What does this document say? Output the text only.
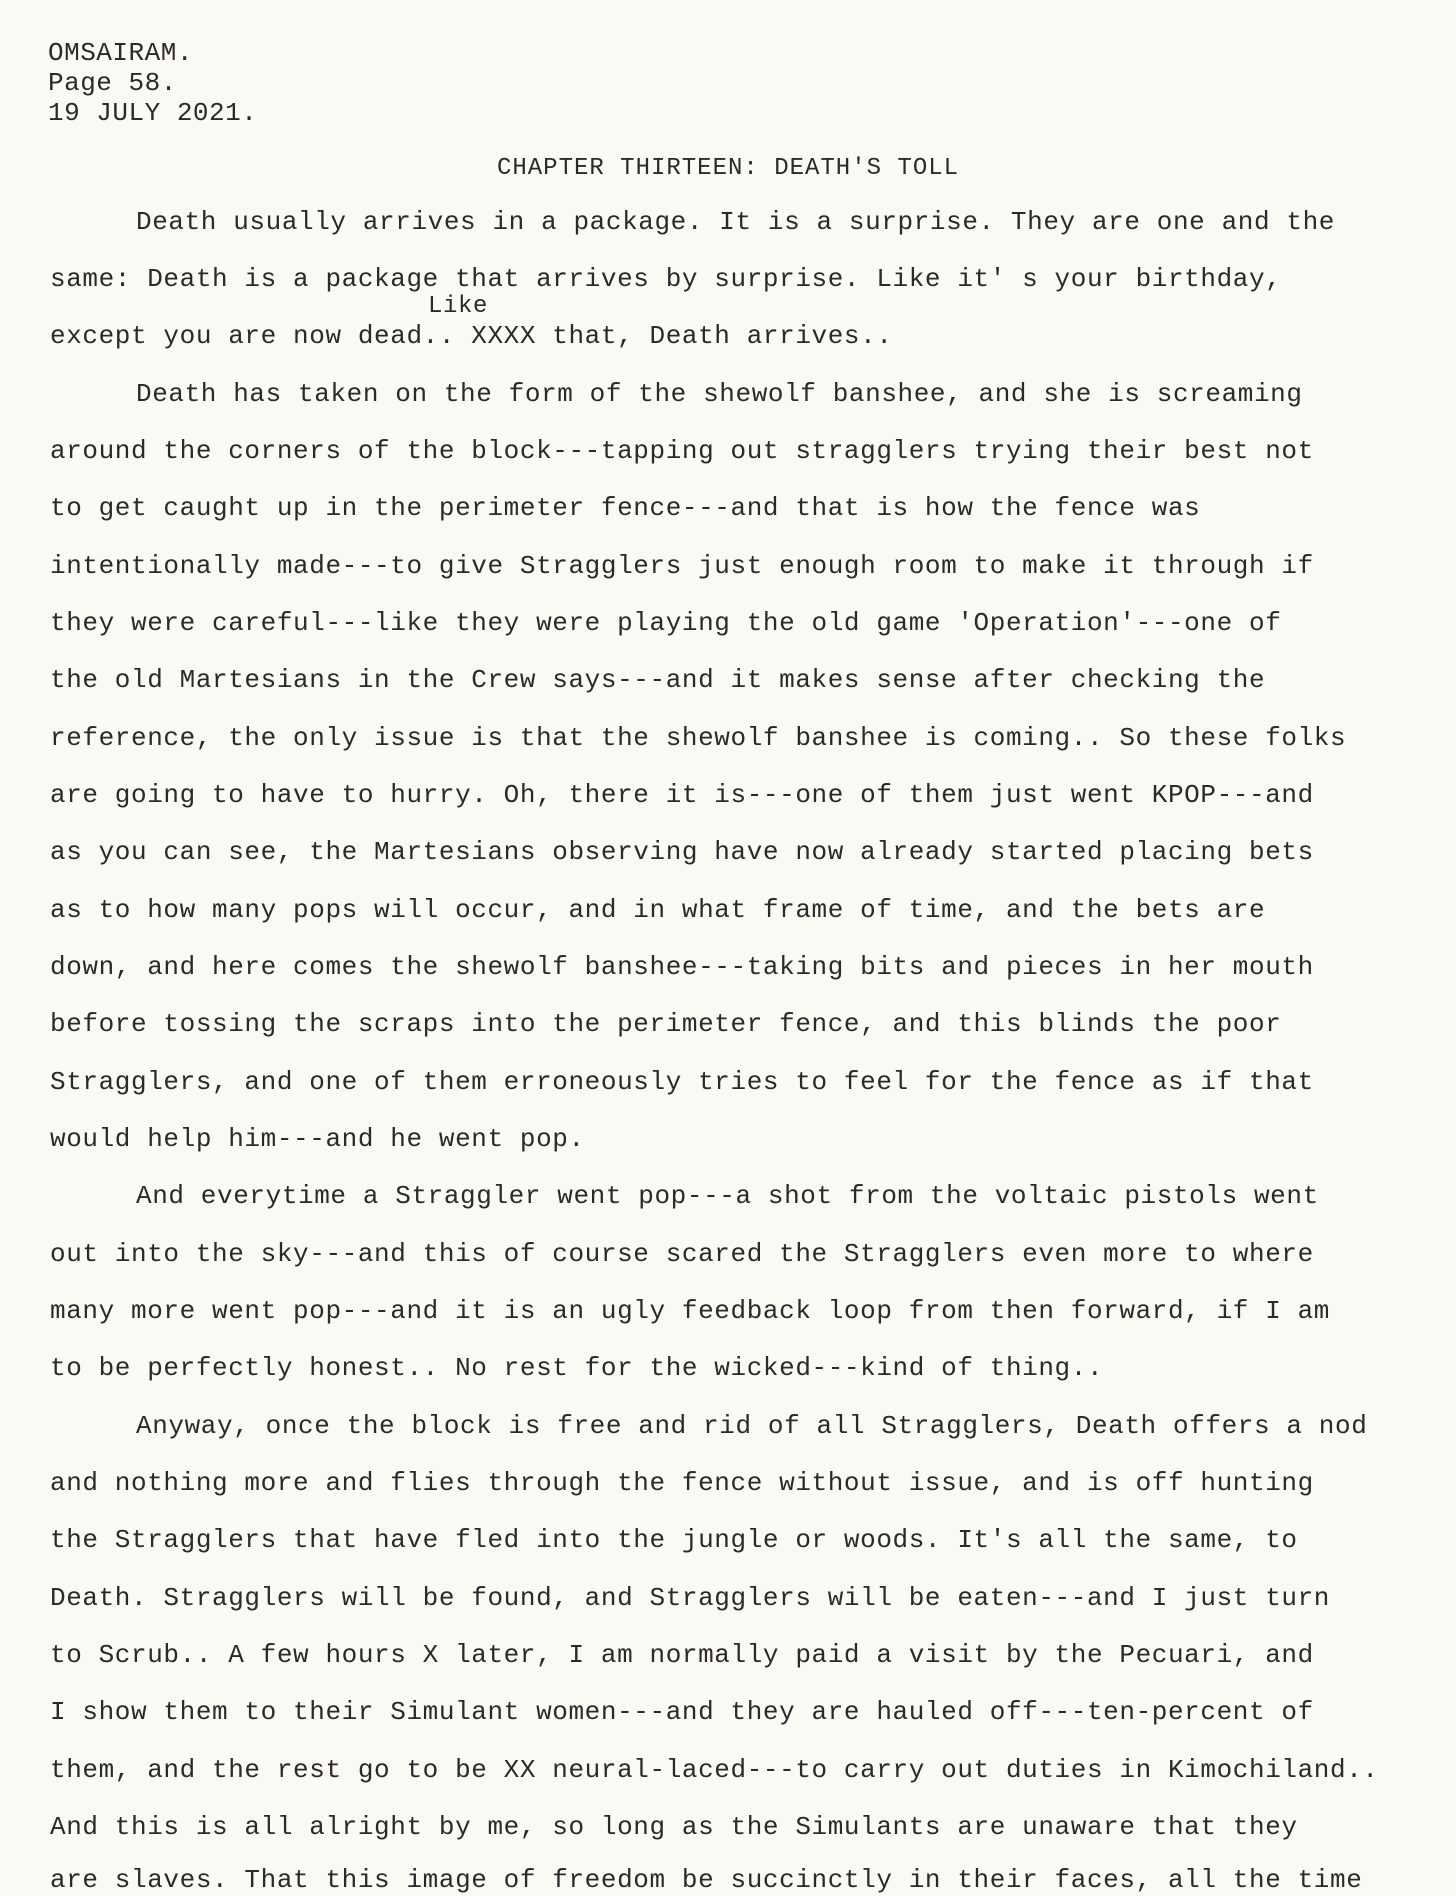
OMSAIRAM.
Page 58.
19 JULY 2021.
CHAPTER THIRTEEN: DEATH'S TOLL
Like
Death usually arrives in a package. It is a surprise. They are one and the
same: Death is a package that arrives by surprise. Like it' s your birthday,
except you are now dead.. XXXX that, Death arrives..
Death has taken on the form of the shewolf banshee, and she is screaming
around the corners of the block---tapping out stragglers trying their best not
to get caught up in the perimeter fence---and that is how the fence was
intentionally made---to give Stragglers just enough room to make it through if
they were careful---like they were playing the old game 'Operation'---one of
the old Martesians in the Crew says---and it makes sense after checking the
reference, the only issue is that the shewolf banshee is coming.. So these folks
are going to have to hurry. Oh, there it is---one of them just went KPOP---and
as you can see, the Martesians observing have now already started placing bets
as to how many pops will occur, and in what frame of time, and the bets are
down, and here comes the shewolf banshee---taking bits and pieces in her mouth
before tossing the scraps into the perimeter fence, and this blinds the poor
Stragglers, and one of them erroneously tries to feel for the fence as if that
would help him---and he went pop.
And everytime a Straggler went pop---a shot from the voltaic pistols went
out into the sky---and this of course scared the Stragglers even more to where
many more went pop---and it is an ugly feedback loop from then forward, if I am
to be perfectly honest.. No rest for the wicked---kind of thing..
Anyway, once the block is free and rid of all Stragglers, Death offers a nod
and nothing more and flies through the fence without issue, and is off hunting
the Stragglers that have fled into the jungle or woods. It's all the same, to
Death. Stragglers will be found, and Stragglers will be eaten---and I just turn
to Scrub.. A few hours X later, I am normally paid a visit by the Pecuari, and
I show them to their Simulant women---and they are hauled off---ten-percent of
them, and the rest go to be XX neural-laced---to carry out duties in Kimochiland..
And this is all alright by me, so long as the Simulants are unaware that they
are slaves. That this image of freedom be succinctly in their faces, all the time
